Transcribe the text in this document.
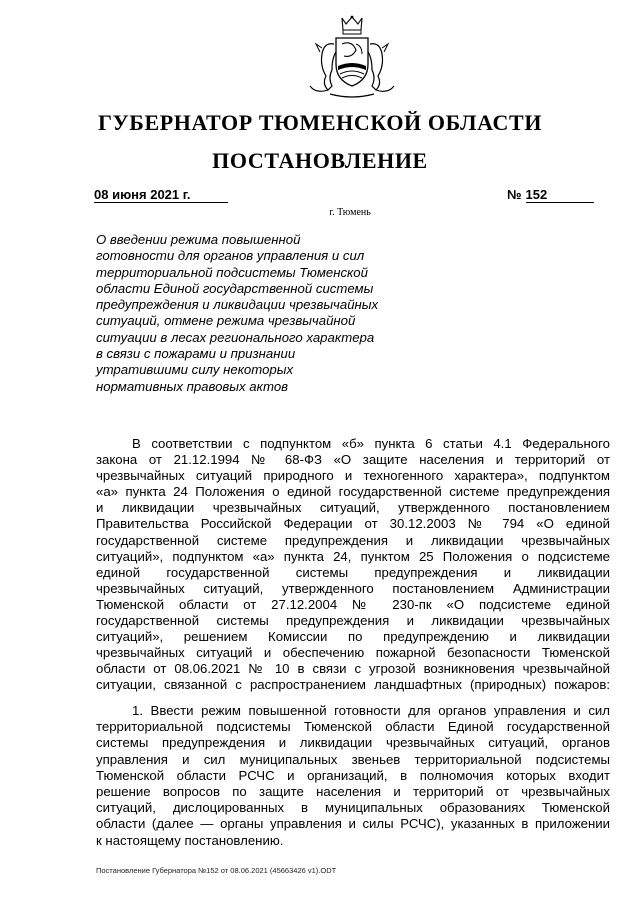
ГУБЕРНАТОР ТЮМЕНСКОЙ ОБЛАСТИ
ПОСТАНОВЛЕНИЕ
08 июня 2021 г.	№ 152
г. Тюмень
О введении режима повышенной
готовности для органов управления и сил
территориальной подсистемы Тюменской
области Единой государственной системы
предупреждения и ликвидации чрезвычайных
ситуаций, отмене режима чрезвычайной
ситуации в лесах регионального характера
в связи с пожарами и признании
утратившими силу некоторых
нормативных правовых актов
В соответствии с подпунктом «б» пункта 6 статьи 4.1 Федерального
закона от 21.12.1994 № 68-ФЗ «О защите населения и территорий от
чрезвычайных ситуаций природного и техногенного характера», подпунктом
«а» пункта 24 Положения о единой государственной системе предупреждения
и ликвидации чрезвычайных ситуаций, утвержденного постановлением
Правительства Российской Федерации от 30.12.2003 № 794 «О единой
государственной системе предупреждения и ликвидации чрезвычайных
ситуаций», подпунктом «а» пункта 24, пунктом 25 Положения о подсистеме
единой государственной системы предупреждения и ликвидации
чрезвычайных ситуаций, утвержденного постановлением Администрации
Тюменской области от 27.12.2004 № 230-пк «О подсистеме единой
государственной системы предупреждения и ликвидации чрезвычайных
ситуаций», решением Комиссии по предупреждению и ликвидации
чрезвычайных ситуаций и обеспечению пожарной безопасности Тюменской
области от 08.06.2021 № 10 в связи с угрозой возникновения чрезвычайной
ситуации, связанной с распространением ландшафтных (природных) пожаров:
1. Ввести режим повышенной готовности для органов управления и сил
территориальной подсистемы Тюменской области Единой государственной
системы предупреждения и ликвидации чрезвычайных ситуаций, органов
управления и сил муниципальных звеньев территориальной подсистемы
Тюменской области РСЧС и организаций, в полномочия которых входит
решение вопросов по защите населения и территорий от чрезвычайных
ситуаций, дислоцированных в муниципальных образованиях Тюменской
области (далее — органы управления и силы РСЧС), указанных в приложении
к настоящему постановлению.
Постановление Губернатора №152 от 08.06.2021 (45663426 v1).ODT
